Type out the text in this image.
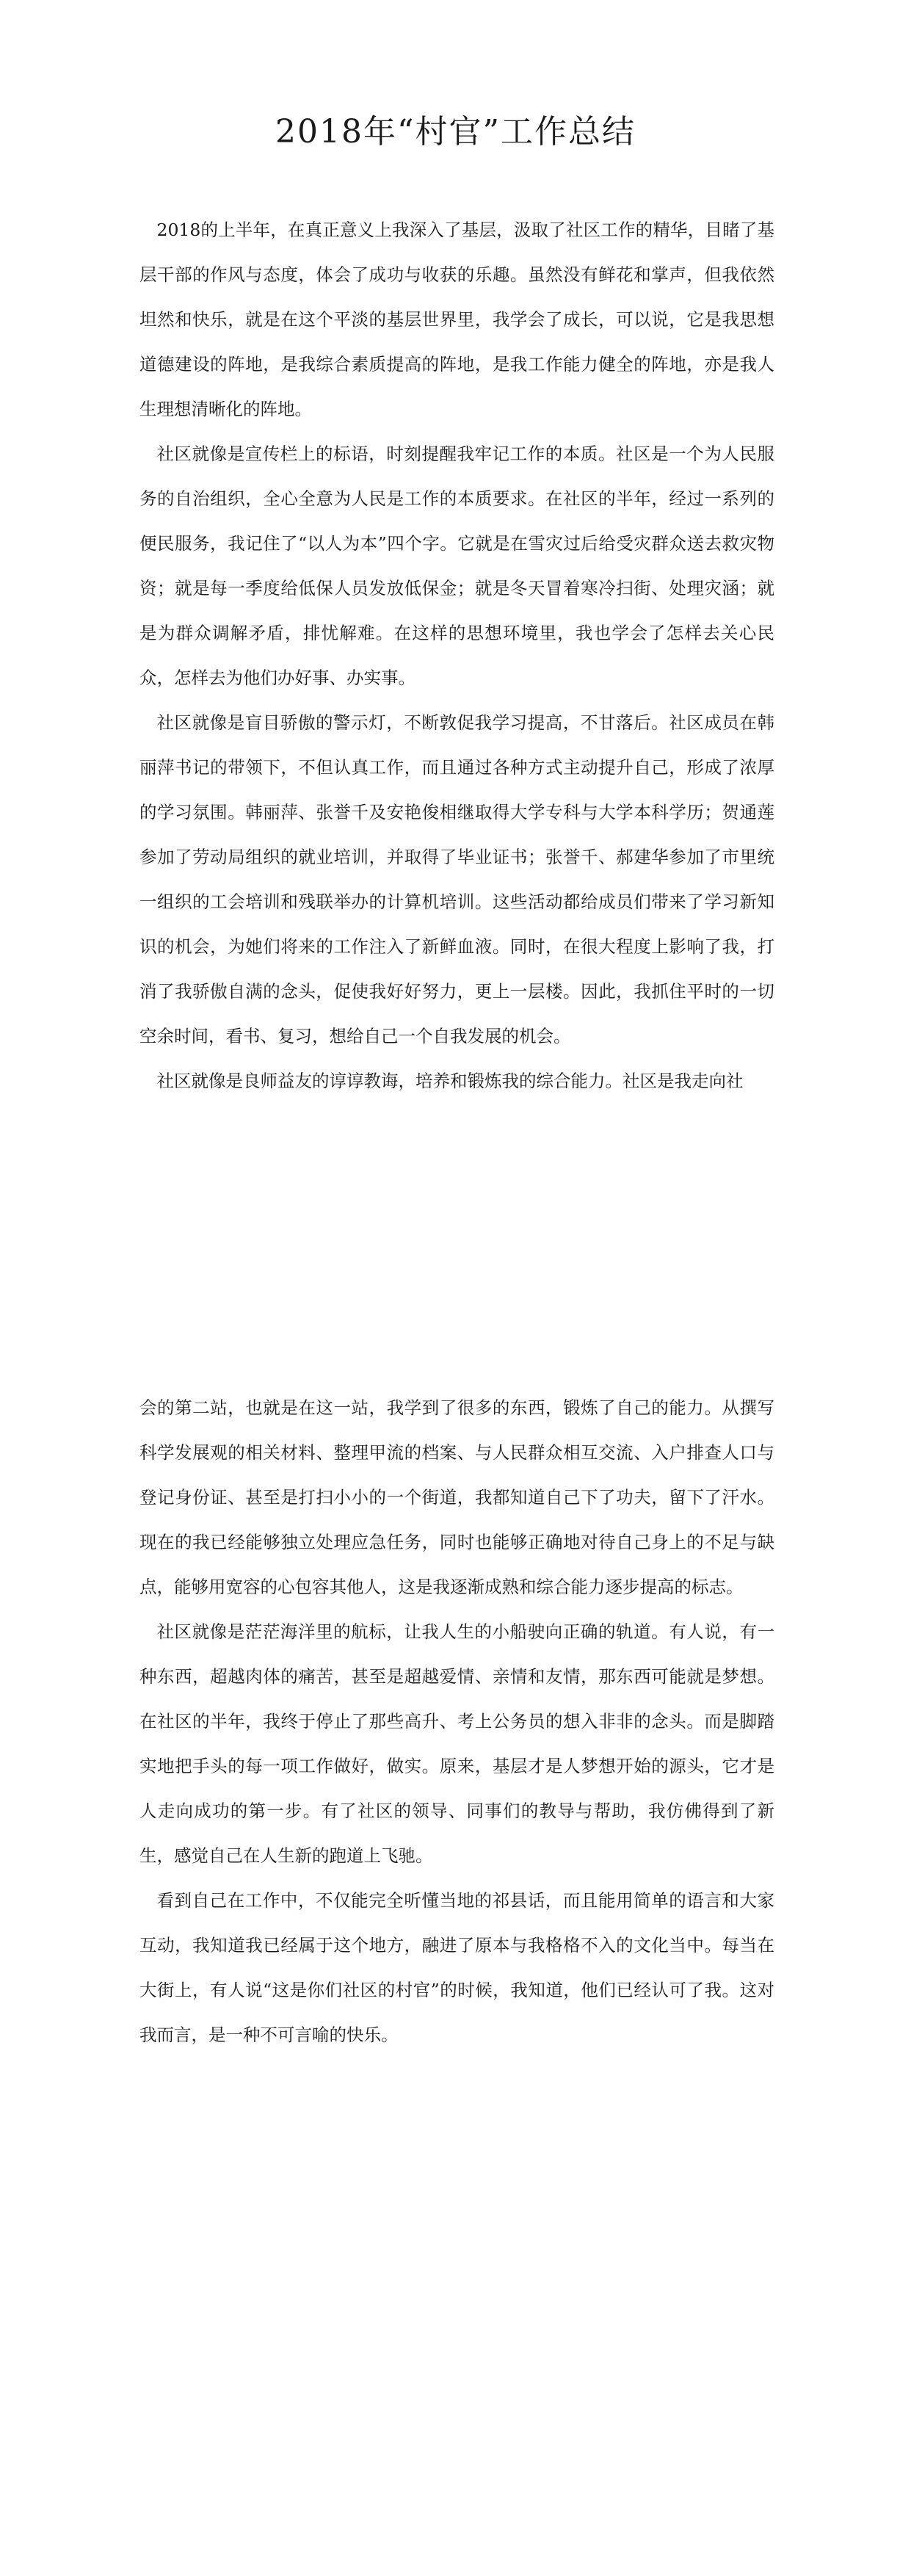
2018年“村官”工作总结

2018的上半年，在真正意义上我深入了基层，汲取了社区工作的精华，目睹了基层干部的作风与态度，体会了成功与收获的乐趣。虽然没有鲜花和掌声，但我依然坦然和快乐，就是在这个平淡的基层世界里，我学会了成长，可以说，它是我思想道德建设的阵地，是我综合素质提高的阵地，是我工作能力健全的阵地，亦是我人生理想清晰化的阵地。

社区就像是宣传栏上的标语，时刻提醒我牢记工作的本质。社区是一个为人民服务的自治组织，全心全意为人民是工作的本质要求。在社区的半年，经过一系列的便民服务，我记住了“以人为本”四个字。它就是在雪灾过后给受灾群众送去救灾物资；就是每一季度给低保人员发放低保金；就是冬天冒着寒冷扫街、处理灾涵；就是为群众调解矛盾，排忧解难。在这样的思想环境里，我也学会了怎样去关心民众，怎样去为他们办好事、办实事。

社区就像是盲目骄傲的警示灯，不断敦促我学习提高，不甘落后。社区成员在韩丽萍书记的带领下，不但认真工作，而且通过各种方式主动提升自己，形成了浓厚的学习氛围。韩丽萍、张誉千及安艳俊相继取得大学专科与大学本科学历；贺通莲参加了劳动局组织的就业培训，并取得了毕业证书；张誉千、郝建华参加了市里统一组织的工会培训和残联举办的计算机培训。这些活动都给成员们带来了学习新知识的机会，为她们将来的工作注入了新鲜血液。同时，在很大程度上影响了我，打消了我骄傲自满的念头，促使我好好努力，更上一层楼。因此，我抓住平时的一切空余时间，看书、复习，想给自己一个自我发展的机会。

社区就像是良师益友的谆谆教诲，培养和锻炼我的综合能力。社区是我走向社

会的第二站，也就是在这一站，我学到了很多的东西，锻炼了自己的能力。从撰写科学发展观的相关材料、整理甲流的档案、与人民群众相互交流、入户排查人口与登记身份证、甚至是打扫小小的一个街道，我都知道自己下了功夫，留下了汗水。现在的我已经能够独立处理应急任务，同时也能够正确地对待自己身上的不足与缺点，能够用宽容的心包容其他人，这是我逐渐成熟和综合能力逐步提高的标志。

社区就像是茫茫海洋里的航标，让我人生的小船驶向正确的轨道。有人说，有一种东西，超越肉体的痛苦，甚至是超越爱情、亲情和友情，那东西可能就是梦想。在社区的半年，我终于停止了那些高升、考上公务员的想入非非的念头。而是脚踏实地把手头的每一项工作做好，做实。原来，基层才是人梦想开始的源头，它才是人走向成功的第一步。有了社区的领导、同事们的教导与帮助，我仿佛得到了新生，感觉自己在人生新的跑道上飞驰。

看到自己在工作中，不仅能完全听懂当地的祁县话，而且能用简单的语言和大家互动，我知道我已经属于这个地方，融进了原本与我格格不入的文化当中。每当在大街上，有人说“这是你们社区的村官”的时候，我知道，他们已经认可了我。这对我而言，是一种不可言喻的快乐。
